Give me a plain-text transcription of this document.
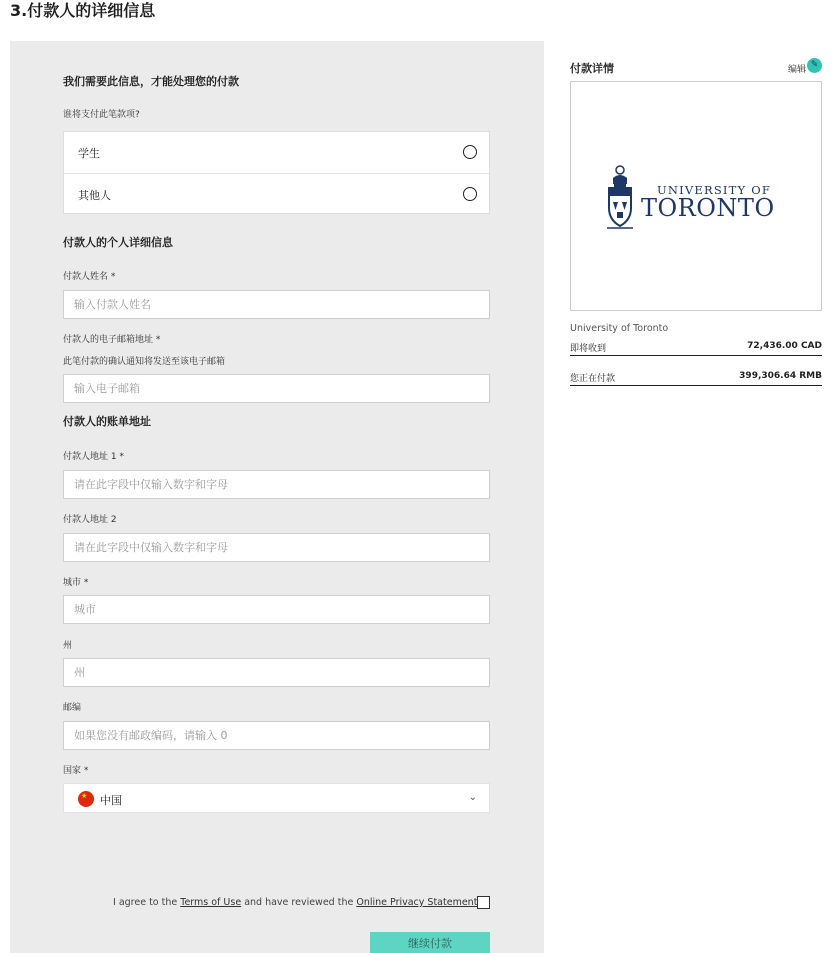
3.付款人的详细信息
我们需要此信息，才能处理您的付款
谁将支付此笔款项?
学生
其他人
付款人的个人详细信息
付款人姓名 *
输入付款人姓名
付款人的电子邮箱地址 *
此笔付款的确认通知将发送至该电子邮箱
输入电子邮箱
付款人的账单地址
付款人地址 1 *
请在此字段中仅输入数字和字母
付款人地址 2
请在此字段中仅输入数字和字母
城市 *
城市
州
州
邮编
如果您没有邮政编码，请输入 0
国家 *
★ 中国	⌄
I agree to the Terms of Use and have reviewed the Online Privacy Statement
继续付款
付款详情	编辑 ✎
UNIVERSITY OF
TORONTO
University of Toronto
即将收到	72,436.00 CAD
您正在付款	399,306.64 RMB
